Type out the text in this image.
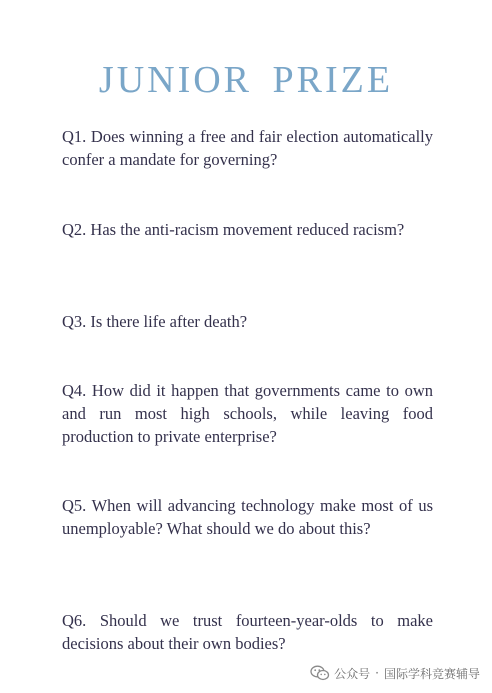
JUNIOR PRIZE

Q1. Does winning a free and fair election automatically confer a mandate for governing?

Q2. Has the anti-racism movement reduced racism?

Q3. Is there life after death?

Q4. How did it happen that governments came to own and run most high schools, while leaving food production to private enterprise?

Q5. When will advancing technology make most of us unemployable? What should we do about this?

Q6. Should we trust fourteen-year-olds to make decisions about their own bodies?

公众号 · 国际学科竞赛辅导
